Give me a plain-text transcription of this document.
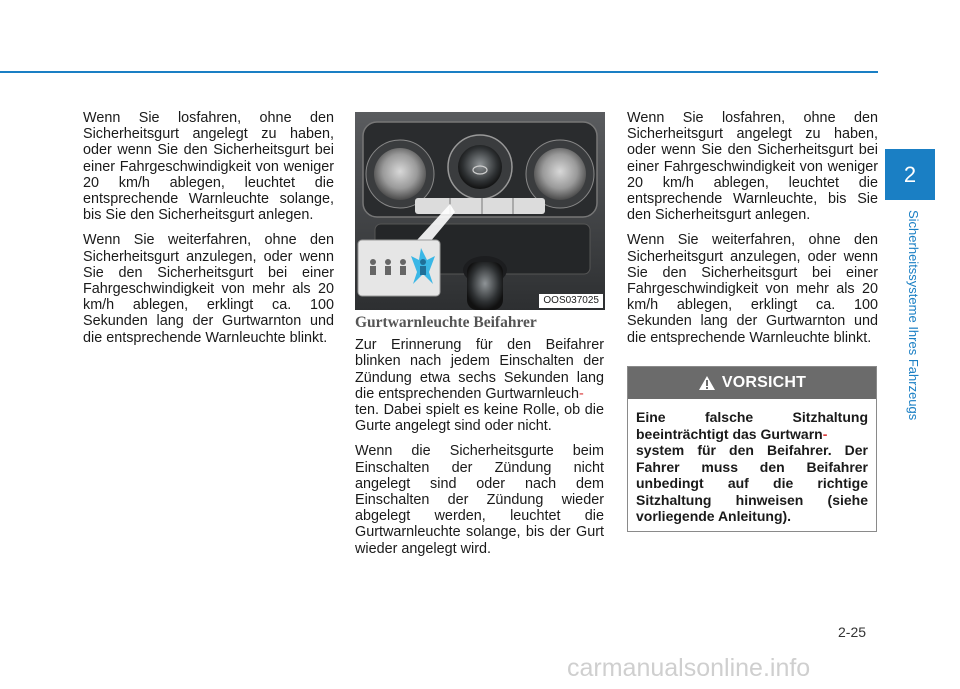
Wenn Sie losfahren, ohne den Sicherheitsgurt angelegt zu haben, oder wenn Sie den Sicherheitsgurt bei einer Fahrgeschwindigkeit von weniger 20 km/h ablegen, leuchtet die entsprechende Warnleuchte solange, bis Sie den Sicherheitsgurt anlegen.

Wenn Sie weiterfahren, ohne den Sicherheitsgurt anzulegen, oder wenn Sie den Sicherheitsgurt bei einer Fahrgeschwindigkeit von mehr als 20 km/h ablegen, erklingt ca. 100 Sekunden lang der Gurtwarnton und die entsprechende Warnleuchte blinkt.

OOS037025
Gurtwarnleuchte Beifahrer

Zur Erinnerung für den Beifahrer blinken nach jedem Einschalten der Zündung etwa sechs Sekunden lang die entsprechenden Gurtwarnleuch-
ten. Dabei spielt es keine Rolle, ob die Gurte angelegt sind oder nicht.

Wenn die Sicherheitsgurte beim Einschalten der Zündung nicht angelegt sind oder nach dem Einschalten der Zündung wieder abgelegt werden, leuchtet die Gurtwarnleuchte solange, bis der Gurt wieder angelegt wird.

Wenn Sie losfahren, ohne den Sicherheitsgurt angelegt zu haben, oder wenn Sie den Sicherheitsgurt bei einer Fahrgeschwindigkeit von weniger 20 km/h ablegen, leuchtet die entsprechende Warnleuchte, bis Sie den Sicherheitsgurt anlegen.

Wenn Sie weiterfahren, ohne den Sicherheitsgurt anzulegen, oder wenn Sie den Sicherheitsgurt bei einer Fahrgeschwindigkeit von mehr als 20 km/h ablegen, erklingt ca. 100 Sekunden lang der Gurtwarnton und die entsprechende Warnleuchte blinkt.

VORSICHT
Eine falsche Sitzhaltung beeinträchtigt das Gurtwarn-
system für den Beifahrer. Der Fahrer muss den Beifahrer unbedingt auf die richtige Sitzhaltung hinweisen (siehe vorliegende Anleitung).
2
Sicherheitssysteme Ihres Fahrzeugs
2-25
carmanualsonline.info
